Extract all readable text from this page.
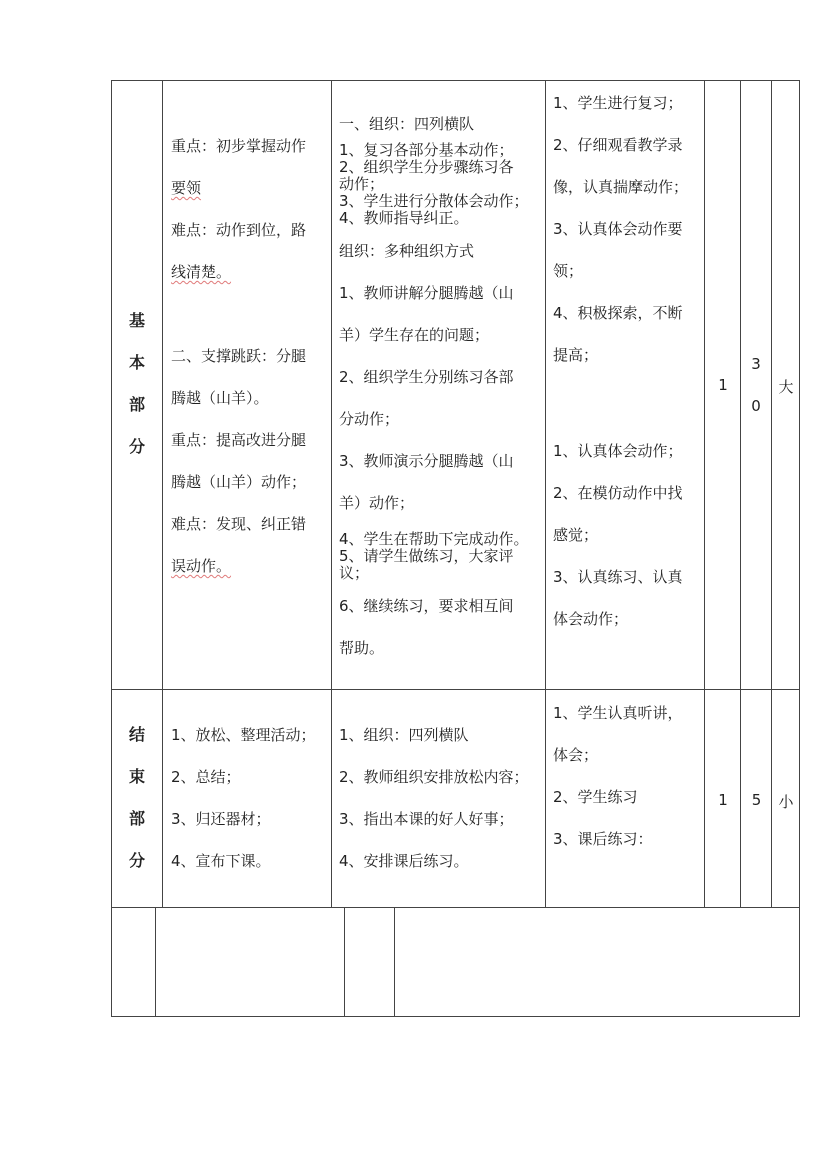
基
本
部
分
重点：初步掌握动作
要领
难点：动作到位，路
线清楚。

二、支撑跳跃：分腿
腾越（山羊）。
重点：提高改进分腿
腾越（山羊）动作；
难点：发现、纠正错
误动作。
一、组织：四列横队
1、复习各部分基本动作；
2、组织学生分步骤练习各
动作；
3、学生进行分散体会动作；
4、教师指导纠正。
组织：多种组织方式
1、教师讲解分腿腾越（山
羊）学生存在的问题；
2、组织学生分别练习各部
分动作；
3、教师演示分腿腾越（山
羊）动作；
4、学生在帮助下完成动作。
5、请学生做练习，大家评
议；
6、继续练习，要求相互间
帮助。
1、学生进行复习；
2、仔细观看教学录
像，认真揣摩动作；
3、认真体会动作要
领；
4、积极探索，不断
提高；
1、认真体会动作；
2、在模仿动作中找
感觉；
3、认真练习、认真
体会动作；
1
3
0
大
结
束
部
分
1、放松、整理活动；
2、总结；
3、归还器材；
4、宣布下课。
1、组织：四列横队
2、教师组织安排放松内容；
3、指出本课的好人好事；
4、安排课后练习。
1、学生认真听讲，
体会；
2、学生练习
3、课后练习：
1	5	小
